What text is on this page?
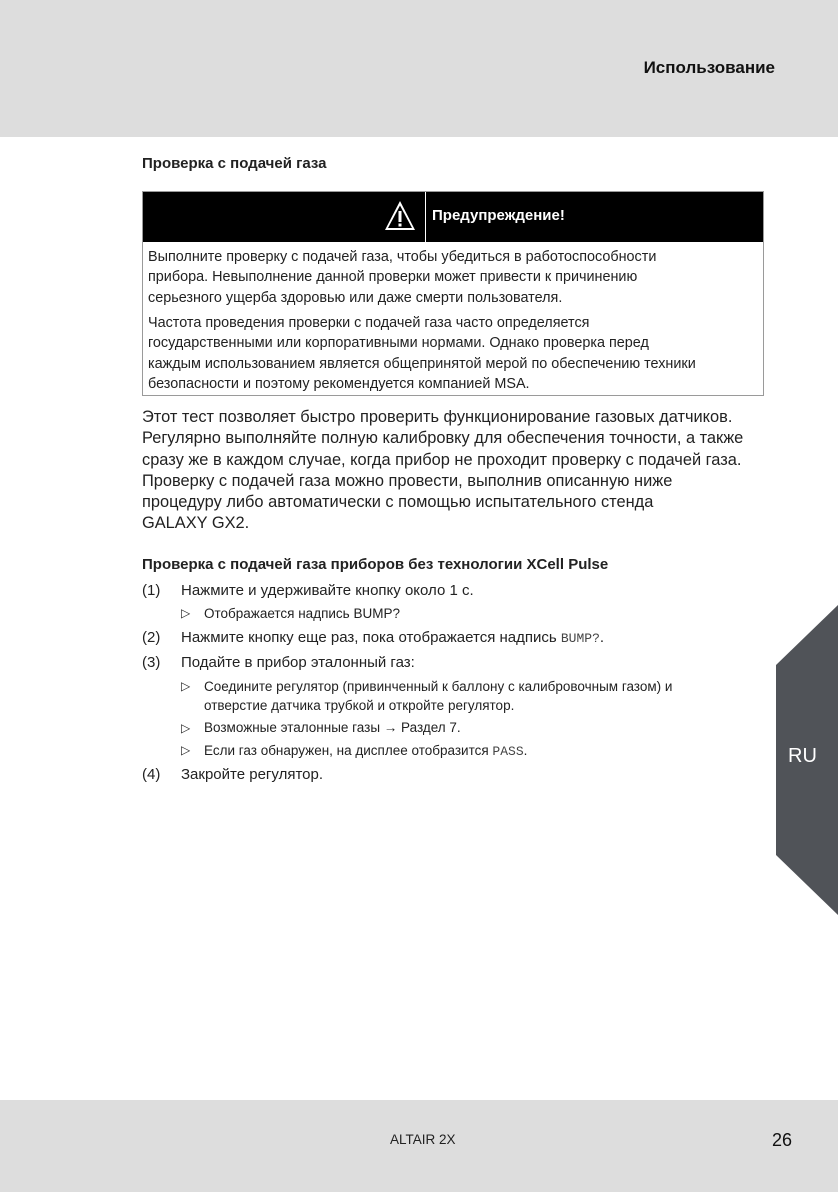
Использование
Проверка с подачей газа
Предупреждение!

Выполните проверку с подачей газа, чтобы убедиться в работоспособности
прибора. Невыполнение данной проверки может привести к причинению
серьезного ущерба здоровью или даже смерти пользователя.

Частота проведения проверки с подачей газа часто определяется
государственными или корпоративными нормами. Однако проверка перед
каждым использованием является общепринятой мерой по обеспечению техники
безопасности и поэтому рекомендуется компанией MSA.

Этот тест позволяет быстро проверить функционирование газовых датчиков.
Регулярно выполняйте полную калибровку для обеспечения точности, а также
сразу же в каждом случае, когда прибор не проходит проверку с подачей газа.
Проверку с подачей газа можно провести, выполнив описанную ниже
процедуру либо автоматически с помощью испытательного стенда
GALAXY GX2.

Проверка с подачей газа приборов без технологии XCell Pulse
(1) Нажмите и удерживайте кнопку около 1 с.
▷ Отображается надпись BUMP?
(2) Нажмите кнопку еще раз, пока отображается надпись BUMP?.
(3) Подайте в прибор эталонный газ:
▷ Соедините регулятор (привинченный к баллону с калибровочным газом) и
отверстие датчика трубкой и откройте регулятор.
▷ Возможные эталонные газы → Раздел 7.
▷ Если газ обнаружен, на дисплее отобразится PASS.
(4) Закройте регулятор.
RU
ALTAIR 2X	26
